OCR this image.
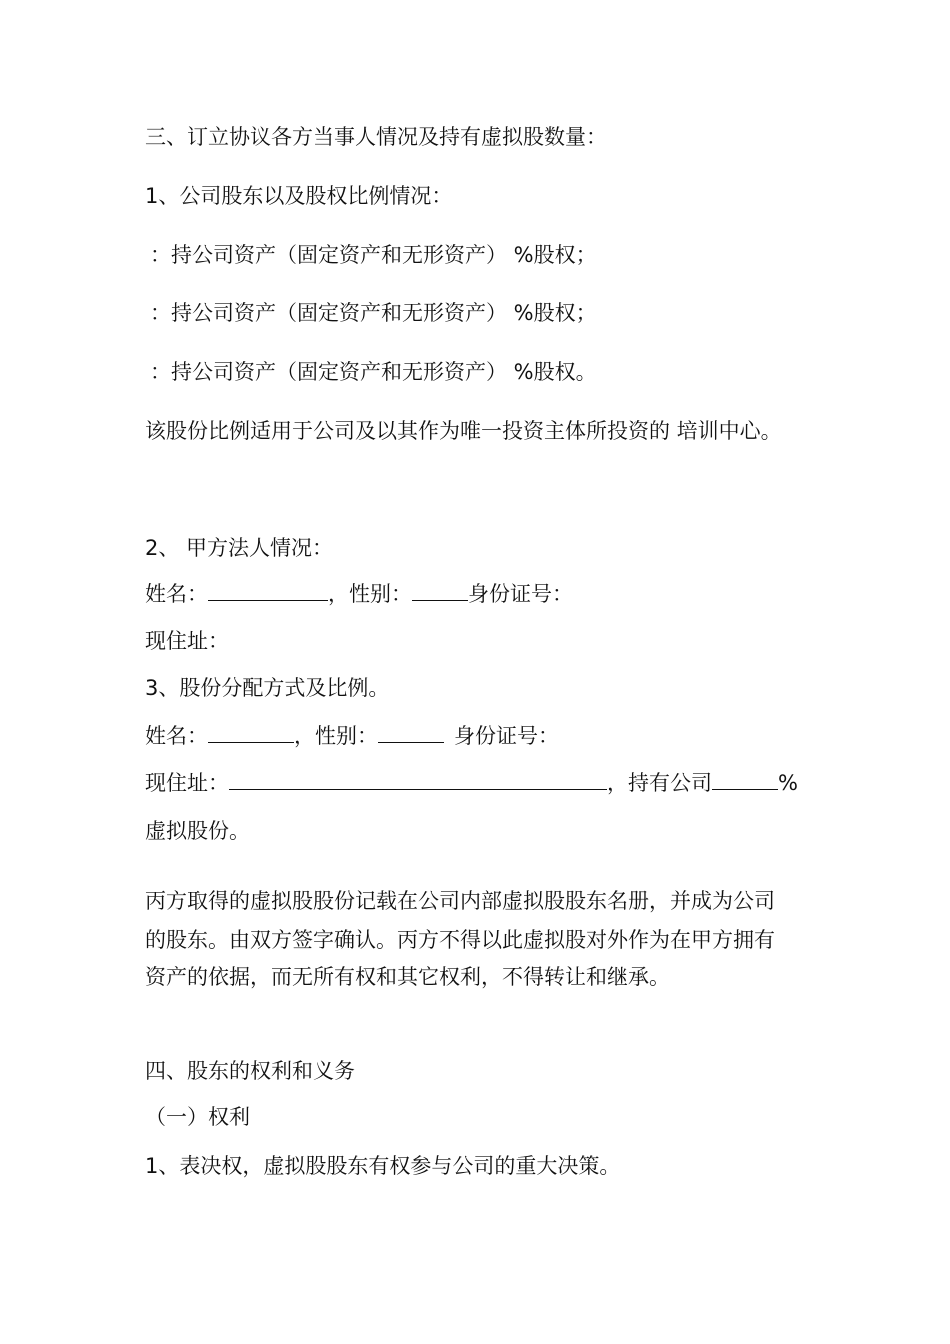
三、订立协议各方当事人情况及持有虚拟股数量：
1、公司股东以及股权比例情况：
：持公司资产（固定资产和无形资产） %股权；
：持公司资产（固定资产和无形资产） %股权；
：持公司资产（固定资产和无形资产） %股权。
该股份比例适用于公司及以其作为唯一投资主体所投资的 培训中心。
2、 甲方法人情况：
姓名：	，性别：	身份证号：
现住址：
3、股份分配方式及比例。
姓名：	，性别：	身份证号：
现住址：	，持有公司	%
虚拟股份。
丙方取得的虚拟股股份记载在公司内部虚拟股股东名册，并成为公司
的股东。由双方签字确认。丙方不得以此虚拟股对外作为在甲方拥有
资产的依据，而无所有权和其它权利，不得转让和继承。
四、股东的权利和义务
（一）权利
1、表决权，虚拟股股东有权参与公司的重大决策。
